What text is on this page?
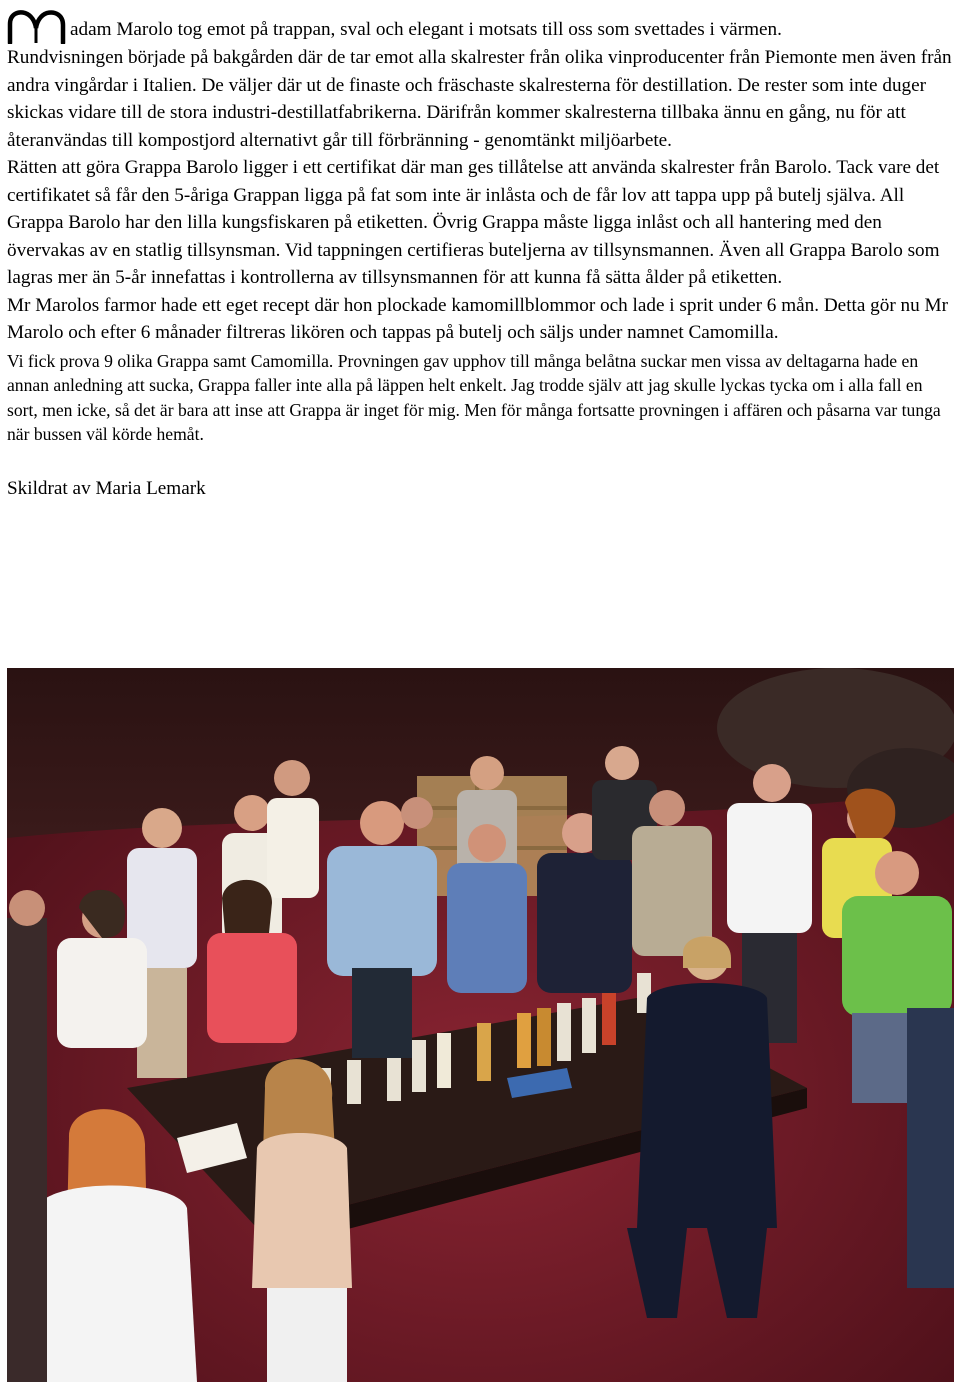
adam Marolo tog emot på trappan, sval och elegant i motsats till oss som svettades i värmen.

Rundvisningen började på bakgården där de tar emot alla skalrester från olika vinproducenter från Piemonte men även från andra vingårdar i Italien. De väljer där ut de finaste och fräschaste skalresterna för destillation. De rester som inte duger skickas vidare till de stora industri-destillatfabrikerna. Därifrån kommer skalresterna tillbaka ännu en gång, nu för att återanvändas till kompostjord alternativt går till förbränning - genomtänkt miljöarbete.

Rätten att göra Grappa Barolo ligger i ett certifikat där man ges tillåtelse att använda skalrester från Barolo. Tack vare det certifikatet så får den 5-åriga Grappan ligga på fat som inte är inlåsta och de får lov att tappa upp på butelj själva. All Grappa Barolo har den lilla kungsfiskaren på etiketten. Övrig Grappa måste ligga inlåst och all hantering med den övervakas av en statlig tillsynsman. Vid tappningen certifieras buteljerna av tillsynsmannen. Även all Grappa Barolo som lagras mer än 5-år innefattas i kontrollerna av tillsynsmannen för att kunna få sätta ålder på etiketten.

Mr Marolos farmor hade ett eget recept där hon plockade kamomillblommor och lade i sprit under 6 mån. Detta gör nu Mr Marolo och efter 6 månader filtreras likören och tappas på butelj och säljs under namnet Camomilla.

Vi fick prova 9 olika Grappa samt Camomilla. Provningen gav upphov till många belåtna suckar men vissa av deltagarna hade en annan anledning att sucka, Grappa faller inte alla på läppen helt enkelt. Jag trodde själv att jag skulle lyckas tycka om i alla fall en sort, men icke, så det är bara att inse att Grappa är inget för mig. Men för många fortsatte provningen i affären och påsarna var tunga när bussen väl körde hemåt.

Skildrat av Maria Lemark
